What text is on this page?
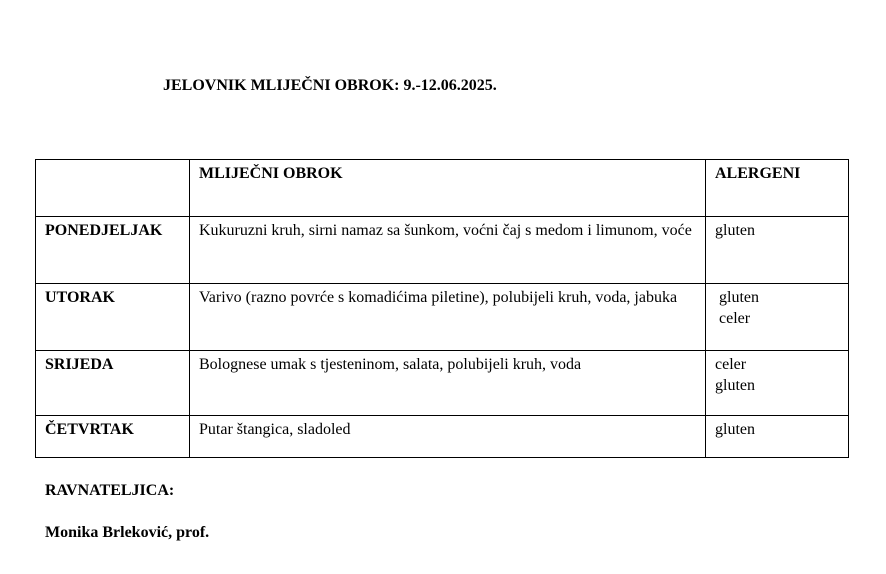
JELOVNIK MLIJEČNI OBROK: 9.-12.06.2025.
	MLIJEČNI OBROK	ALERGENI
PONEDJELJAK	Kukuruzni kruh, sirni namaz sa šunkom, voćni čaj s medom i limunom, voće	gluten

UTORAK	Varivo (razno povrće s komadićima piletine), polubijeli kruh, voda, jabuka	gluten
celer

SRIJEDA	Bolognese umak s tjesteninom, salata, polubijeli kruh, voda	celer
gluten

ČETVRTAK	Putar štangica, sladoled	gluten
RAVNATELJICA:
Monika Brleković, prof.
